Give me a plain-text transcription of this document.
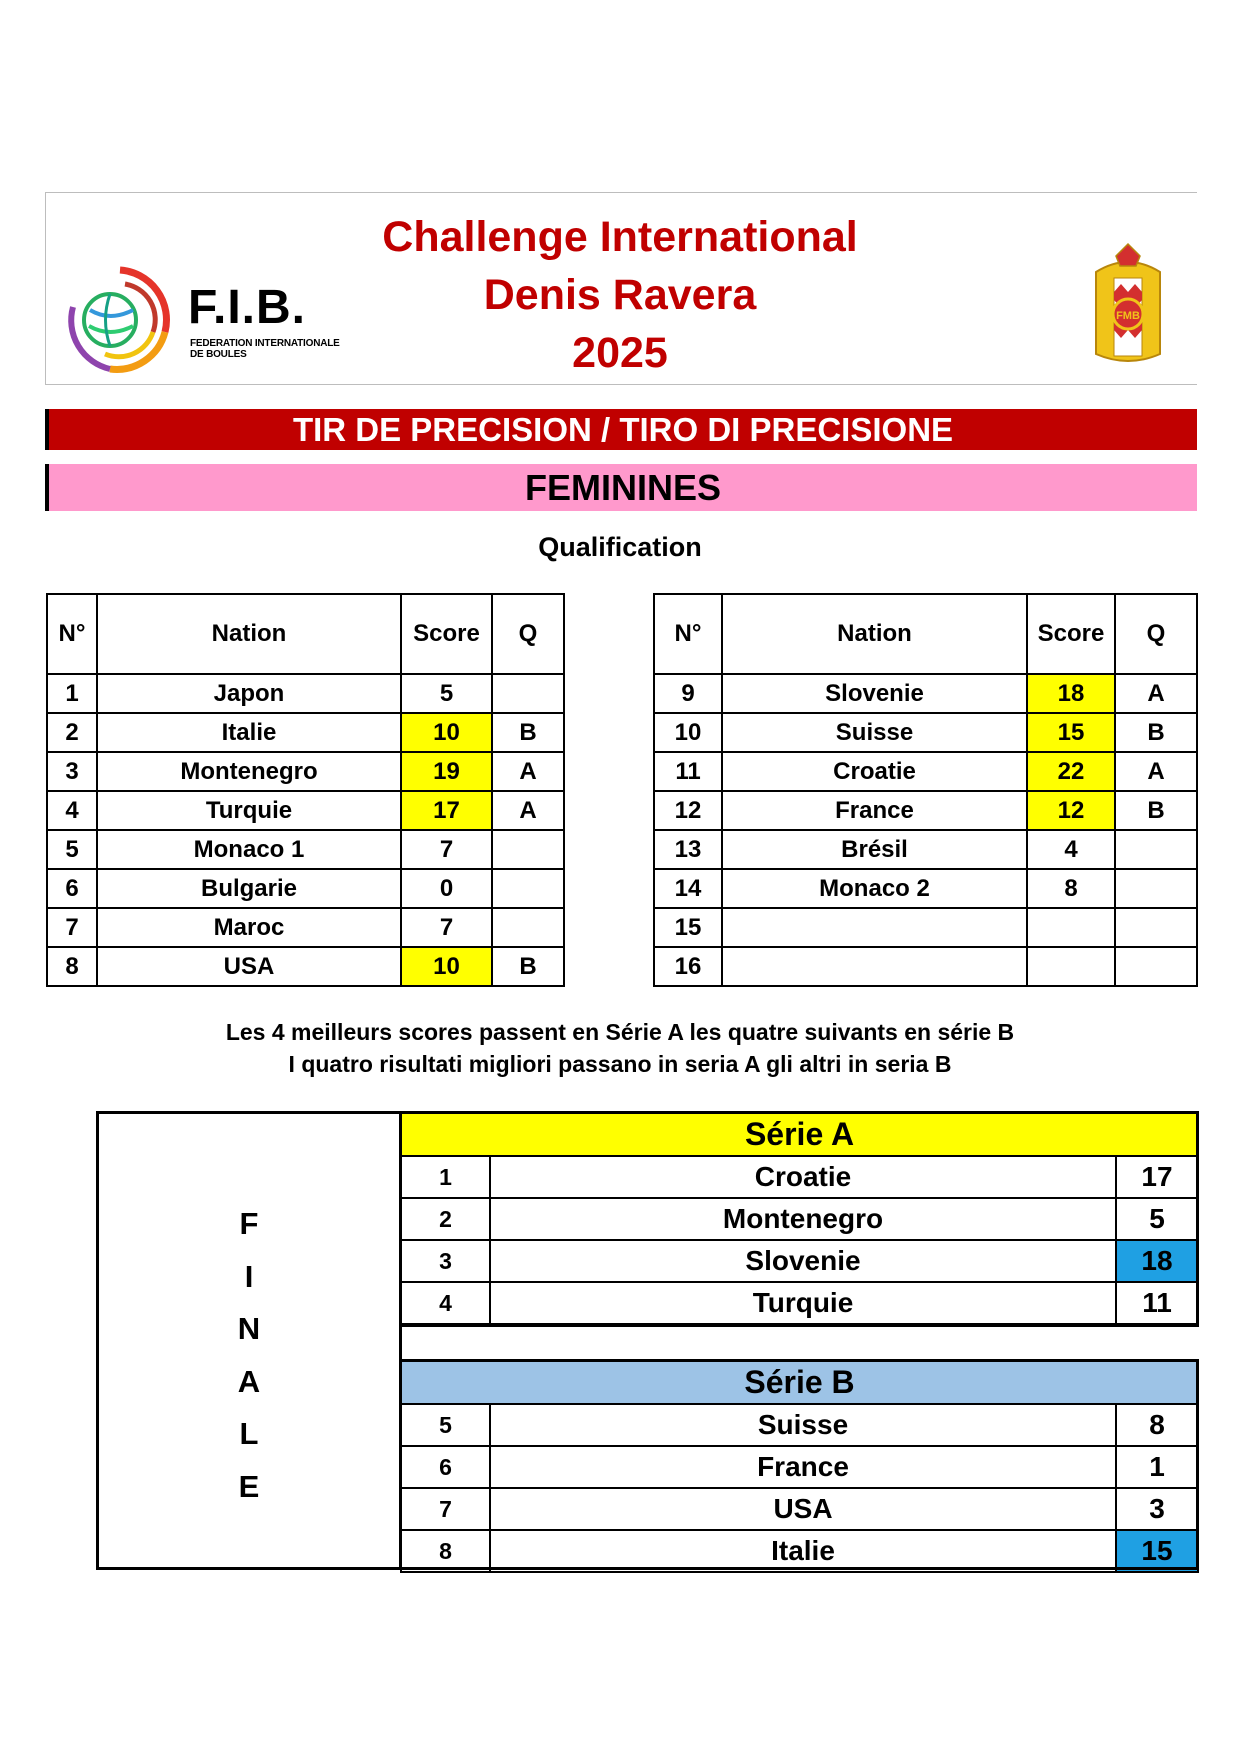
F.I.B.
FEDERATION INTERNATIONALE
DE BOULES
Challenge International
Denis Ravera
2025
FMB
TIR DE PRECISION / TIRO DI PRECISIONE
FEMININES
Qualification
N°	Nation	Score	Q
1	Japon	5	
2	Italie	10	B
3	Montenegro	19	A
4	Turquie	17	A
5	Monaco 1	7	
6	Bulgarie	0	
7	Maroc	7	
8	USA	10	B
N°	Nation	Score	Q
9	Slovenie	18	A
10	Suisse	15	B
11	Croatie	22	A
12	France	12	B
13	Brésil	4	
14	Monaco 2	8	
15			
16			
Les 4 meilleurs scores passent en Série A les quatre suivants en série B
I quatro risultati migliori passano in seria A gli altri in seria B
F
I
N
A
L
E
Série A		
1	Croatie	17
2	Montenegro	5
3	Slovenie	18
4	Turquie	11
Série B		
5	Suisse	8
6	France	1
7	USA	3
8	Italie	15
